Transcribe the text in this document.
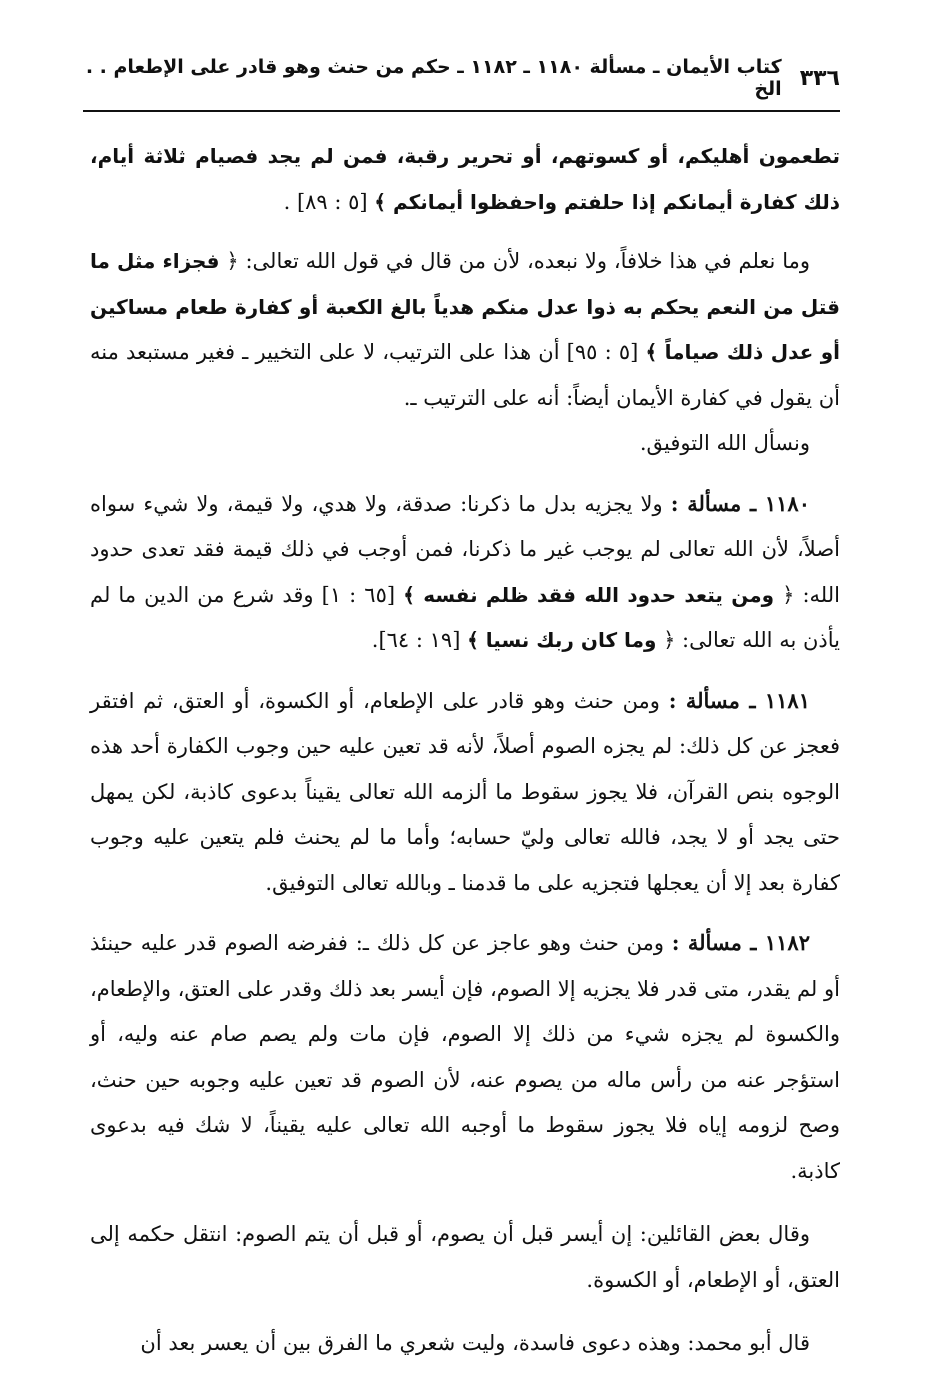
٣٣٦
كتاب الأيمان ـ مسألة ١١٨٠ ـ ١١٨٢ ـ حكم من حنث وهو قادر على الإطعام . . الخ

تطعمون أهليكم، أو كسوتهم، أو تحرير رقبة، فمن لم يجد فصيام ثلاثة أيام، ذلك كفارة أيمانكم إذا حلفتم واحفظوا أيمانكم ﴾ [٥ : ٨٩] .

وما نعلم في هذا خلافاً، ولا نبعده، لأن من قال في قول الله تعالى: ﴿ فجزاء مثل ما قتل من النعم يحكم به ذوا عدل منكم هدياً بالغ الكعبة أو كفارة طعام مساكين أو عدل ذلك صياماً ﴾ [٥ : ٩٥] أن هذا على الترتيب، لا على التخيير ـ فغير مستبعد منه أن يقول في كفارة الأيمان أيضاً: أنه على الترتيب ـ.

ونسأل الله التوفيق.

١١٨٠ ـ مسألة : ولا يجزيه بدل ما ذكرنا: صدقة، ولا هدي، ولا قيمة، ولا شيء سواه أصلاً، لأن الله تعالى لم يوجب غير ما ذكرنا، فمن أوجب في ذلك قيمة فقد تعدى حدود الله: ﴿ ومن يتعد حدود الله فقد ظلم نفسه ﴾ [٦٥ : ١] وقد شرع من الدين ما لم يأذن به الله تعالى: ﴿ وما كان ربك نسيا ﴾ [١٩ : ٦٤].

١١٨١ ـ مسألة : ومن حنث وهو قادر على الإطعام، أو الكسوة، أو العتق، ثم افتقر فعجز عن كل ذلك: لم يجزه الصوم أصلاً، لأنه قد تعين عليه حين وجوب الكفارة أحد هذه الوجوه بنص القرآن، فلا يجوز سقوط ما ألزمه الله تعالى يقيناً بدعوى كاذبة، لكن يمهل حتى يجد أو لا يجد، فالله تعالى وليّ حسابه؛ وأما ما لم يحنث فلم يتعين عليه وجوب كفارة بعد إلا أن يعجلها فتجزيه على ما قدمنا ـ وبالله تعالى التوفيق.

١١٨٢ ـ مسألة : ومن حنث وهو عاجز عن كل ذلك ـ: ففرضه الصوم قدر عليه حينئذ أو لم يقدر، متى قدر فلا يجزيه إلا الصوم، فإن أيسر بعد ذلك وقدر على العتق، والإطعام، والكسوة لم يجزه شيء من ذلك إلا الصوم، فإن مات ولم يصم صام عنه وليه، أو استؤجر عنه من رأس ماله من يصوم عنه، لأن الصوم قد تعين عليه وجوبه حين حنث، وصح لزومه إياه فلا يجوز سقوط ما أوجبه الله تعالى عليه يقيناً، لا شك فيه بدعوى كاذبة.

وقال بعض القائلين: إن أيسر قبل أن يصوم، أو قبل أن يتم الصوم: انتقل حكمه إلى العتق، أو الإطعام، أو الكسوة.

قال أبو محمد: وهذه دعوى فاسدة، وليت شعري ما الفرق بين أن يعسر بعد أن
